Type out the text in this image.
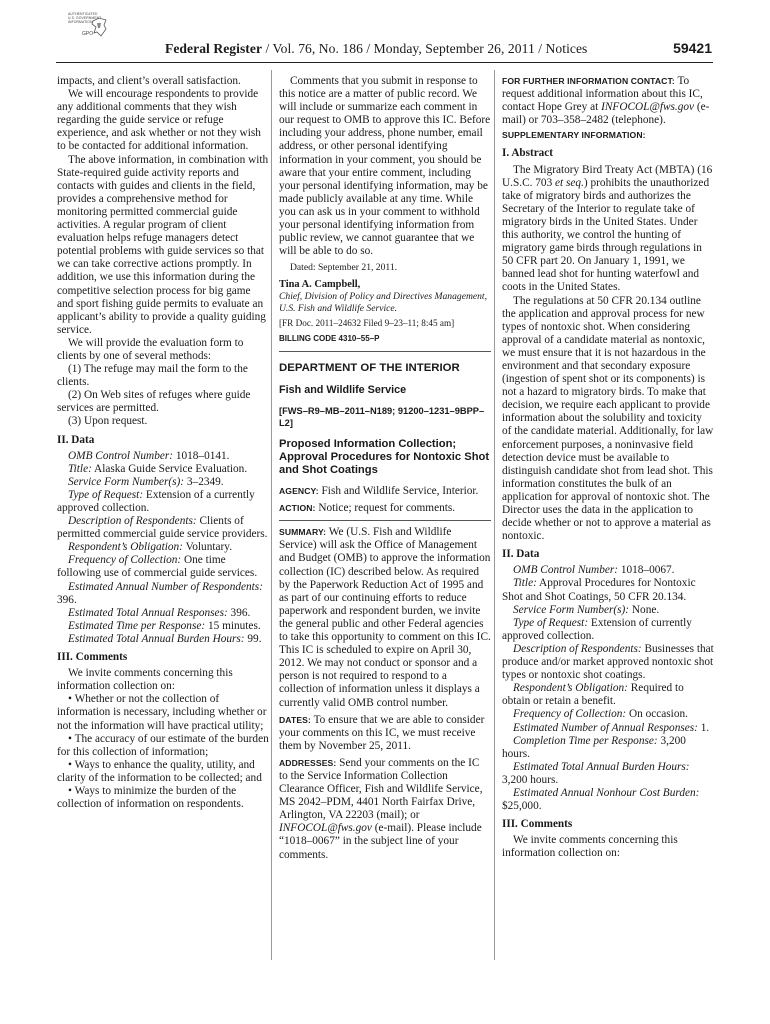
AUTHENTICATED
U.S. GOVERNMENT
INFORMATION
GPO
Federal Register / Vol. 76, No. 186 / Monday, September 26, 2011 / Notices	59421

impacts, and client’s overall satisfaction.

We will encourage respondents to provide any additional comments that they wish regarding the guide service or refuge experience, and ask whether or not they wish to be contacted for additional information.

The above information, in combination with State-required guide activity reports and contacts with guides and clients in the field, provides a comprehensive method for monitoring permitted commercial guide activities. A regular program of client evaluation helps refuge managers detect potential problems with guide services so that we can take corrective actions promptly. In addition, we use this information during the competitive selection process for big game and sport fishing guide permits to evaluate an applicant’s ability to provide a quality guiding service.

We will provide the evaluation form to clients by one of several methods:

(1) The refuge may mail the form to the clients.

(2) On Web sites of refuges where guide services are permitted.

(3) Upon request.

II. Data

OMB Control Number: 1018–0141.

Title: Alaska Guide Service Evaluation.

Service Form Number(s): 3–2349.

Type of Request: Extension of a currently approved collection.

Description of Respondents: Clients of permitted commercial guide service providers.

Respondent’s Obligation: Voluntary.

Frequency of Collection: One time following use of commercial guide services.

Estimated Annual Number of Respondents: 396.

Estimated Total Annual Responses: 396.

Estimated Time per Response: 15 minutes.

Estimated Total Annual Burden Hours: 99.

III. Comments

We invite comments concerning this information collection on:

• Whether or not the collection of information is necessary, including whether or not the information will have practical utility;

• The accuracy of our estimate of the burden for this collection of information;

• Ways to enhance the quality, utility, and clarity of the information to be collected; and

• Ways to minimize the burden of the collection of information on respondents.

Comments that you submit in response to this notice are a matter of public record. We will include or summarize each comment in our request to OMB to approve this IC. Before including your address, phone number, email address, or other personal identifying information in your comment, you should be aware that your entire comment, including your personal identifying information, may be made publicly available at any time. While you can ask us in your comment to withhold your personal identifying information from public review, we cannot guarantee that we will be able to do so.

Dated: September 21, 2011.

Tina A. Campbell,

Chief, Division of Policy and Directives Management, U.S. Fish and Wildlife Service.

[FR Doc. 2011–24632 Filed 9–23–11; 8:45 am]

BILLING CODE 4310–55–P

DEPARTMENT OF THE INTERIOR

Fish and Wildlife Service

[FWS–R9–MB–2011–N189; 91200–1231–9BPP–L2]

Proposed Information Collection; Approval Procedures for Nontoxic Shot and Shot Coatings

AGENCY: Fish and Wildlife Service, Interior.

ACTION: Notice; request for comments.

SUMMARY: We (U.S. Fish and Wildlife Service) will ask the Office of Management and Budget (OMB) to approve the information collection (IC) described below. As required by the Paperwork Reduction Act of 1995 and as part of our continuing efforts to reduce paperwork and respondent burden, we invite the general public and other Federal agencies to take this opportunity to comment on this IC. This IC is scheduled to expire on April 30, 2012. We may not conduct or sponsor and a person is not required to respond to a collection of information unless it displays a currently valid OMB control number.

DATES: To ensure that we are able to consider your comments on this IC, we must receive them by November 25, 2011.

ADDRESSES: Send your comments on the IC to the Service Information Collection Clearance Officer, Fish and Wildlife Service, MS 2042–PDM, 4401 North Fairfax Drive, Arlington, VA 22203 (mail); or INFOCOL@fws.gov (e-mail). Please include “1018–0067” in the subject line of your comments.

FOR FURTHER INFORMATION CONTACT: To request additional information about this IC, contact Hope Grey at INFOCOL@fws.gov (e-mail) or 703–358–2482 (telephone).

SUPPLEMENTARY INFORMATION:

I. Abstract

The Migratory Bird Treaty Act (MBTA) (16 U.S.C. 703 et seq.) prohibits the unauthorized take of migratory birds and authorizes the Secretary of the Interior to regulate take of migratory birds in the United States. Under this authority, we control the hunting of migratory game birds through regulations in 50 CFR part 20. On January 1, 1991, we banned lead shot for hunting waterfowl and coots in the United States.

The regulations at 50 CFR 20.134 outline the application and approval process for new types of nontoxic shot. When considering approval of a candidate material as nontoxic, we must ensure that it is not hazardous in the environment and that secondary exposure (ingestion of spent shot or its components) is not a hazard to migratory birds. To make that decision, we require each applicant to provide information about the solubility and toxicity of the candidate material. Additionally, for law enforcement purposes, a noninvasive field detection device must be available to distinguish candidate shot from lead shot. This information constitutes the bulk of an application for approval of nontoxic shot. The Director uses the data in the application to decide whether or not to approve a material as nontoxic.

II. Data

OMB Control Number: 1018–0067.

Title: Approval Procedures for Nontoxic Shot and Shot Coatings, 50 CFR 20.134.

Service Form Number(s): None.

Type of Request: Extension of currently approved collection.

Description of Respondents: Businesses that produce and/or market approved nontoxic shot types or nontoxic shot coatings.

Respondent’s Obligation: Required to obtain or retain a benefit.

Frequency of Collection: On occasion.

Estimated Number of Annual Responses: 1.

Completion Time per Response: 3,200 hours.

Estimated Total Annual Burden Hours: 3,200 hours.

Estimated Annual Nonhour Cost Burden: $25,000.

III. Comments

We invite comments concerning this information collection on:
